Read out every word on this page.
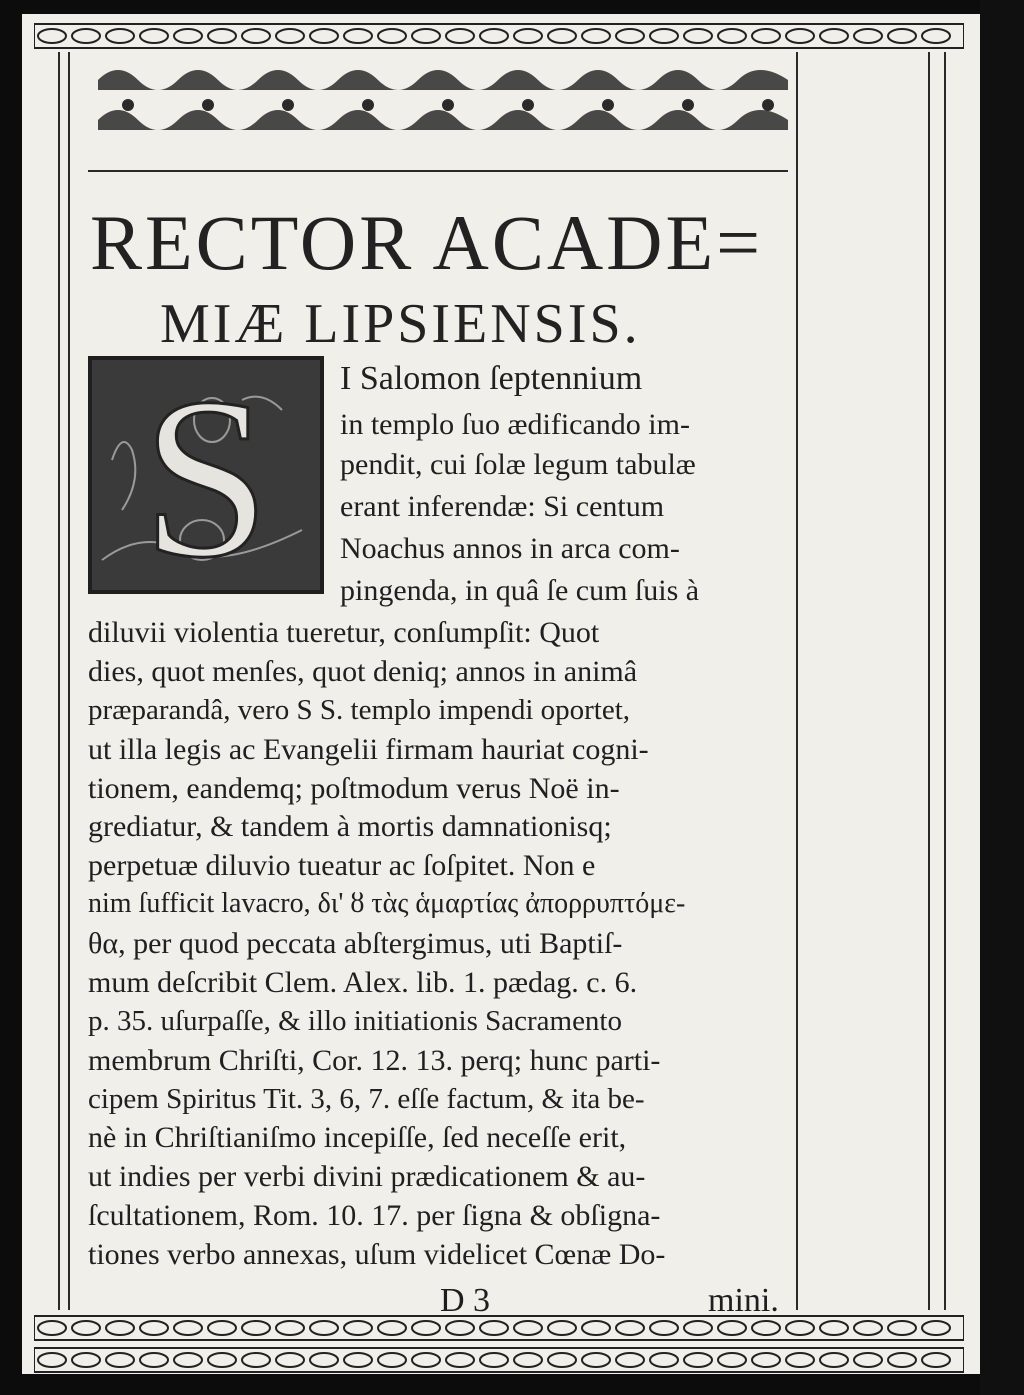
RECTOR ACADE=
MIÆ LIPSIENSIS.
S I Salomon ſeptennium
in templo ſuo ædificando im-
pendit, cui ſolæ legum tabulæ
erant inferendæ: Si centum
Noachus annos in arca com-
pingenda, in quâ ſe cum ſuis à
diluvii violentia tueretur, conſumpſit: Quot
dies, quot menſes, quot deniq; annos in animâ
præparandâ, vero S S. templo impendi oportet,
ut illa legis ac Evangelii firmam hauriat cogni-
tionem, eandemq; poſtmodum verus Noë in-
grediatur, & tandem à mortis damnationisq;
perpetuæ diluvio tueatur ac ſoſpitet. Non e
nim ſufficit lavacro, δι' ȣ τὰς ἁμαρτίας ἀπορρυπτόμε-
θα, per quod peccata abſtergimus, uti Baptiſ-
mum deſcribit Clem. Alex. lib. 1. pædag. c. 6.
p. 35. uſurpaſſe, & illo initiationis Sacramento
membrum Chriſti, Cor. 12. 13. perq; hunc parti-
cipem Spiritus Tit. 3, 6, 7. eſſe factum, & ita be-
nè in Chriſtianiſmo incepiſſe, ſed neceſſe erit,
ut indies per verbi divini prædicationem & au-
ſcultationem, Rom. 10. 17. per ſigna & obſigna-
tiones verbo annexas, uſum videlicet Cœnæ Do-
D 3	mini.
